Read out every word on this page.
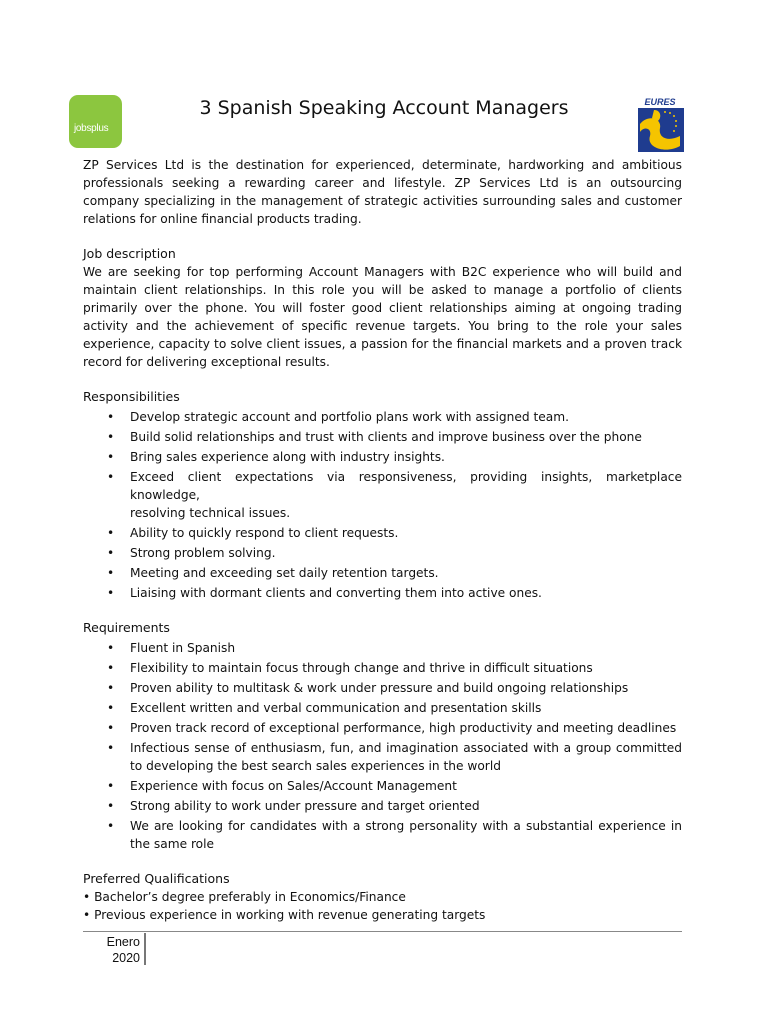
jobsplus
3 Spanish Speaking Account Managers	EURES

ZP Services Ltd is the destination for experienced, determinate, hardworking and ambitious professionals seeking a rewarding career and lifestyle. ZP Services Ltd is an outsourcing company specializing in the management of strategic activities surrounding sales and customer relations for online financial products trading.

Job description

We are seeking for top performing Account Managers with B2C experience who will build and maintain client relationships. In this role you will be asked to manage a portfolio of clients primarily over the phone. You will foster good client relationships aiming at ongoing trading activity and the achievement of specific revenue targets. You bring to the role your sales experience, capacity to solve client issues, a passion for the financial markets and a proven track record for delivering exceptional results.

Responsibilities
• Develop strategic account and portfolio plans work with assigned team.
• Build solid relationships and trust with clients and improve business over the phone
• Bring sales experience along with industry insights.
• Exceed client expectations via responsiveness, providing insights, marketplace knowledge,
resolving technical issues.
• Ability to quickly respond to client requests.
• Strong problem solving.
• Meeting and exceeding set daily retention targets.
• Liaising with dormant clients and converting them into active ones.
Requirements
• Fluent in Spanish
• Flexibility to maintain focus through change and thrive in difficult situations
• Proven ability to multitask & work under pressure and build ongoing relationships
• Excellent written and verbal communication and presentation skills
• Proven track record of exceptional performance, high productivity and meeting deadlines
• Infectious sense of enthusiasm, fun, and imagination associated with a group committed to developing the best search sales experiences in the world
• Experience with focus on Sales/Account Management
• Strong ability to work under pressure and target oriented
• We are looking for candidates with a strong personality with a substantial experience in the same role
Preferred Qualifications
• Bachelor’s degree preferably in Economics/Finance
• Previous experience in working with revenue generating targets
Enero
2020
